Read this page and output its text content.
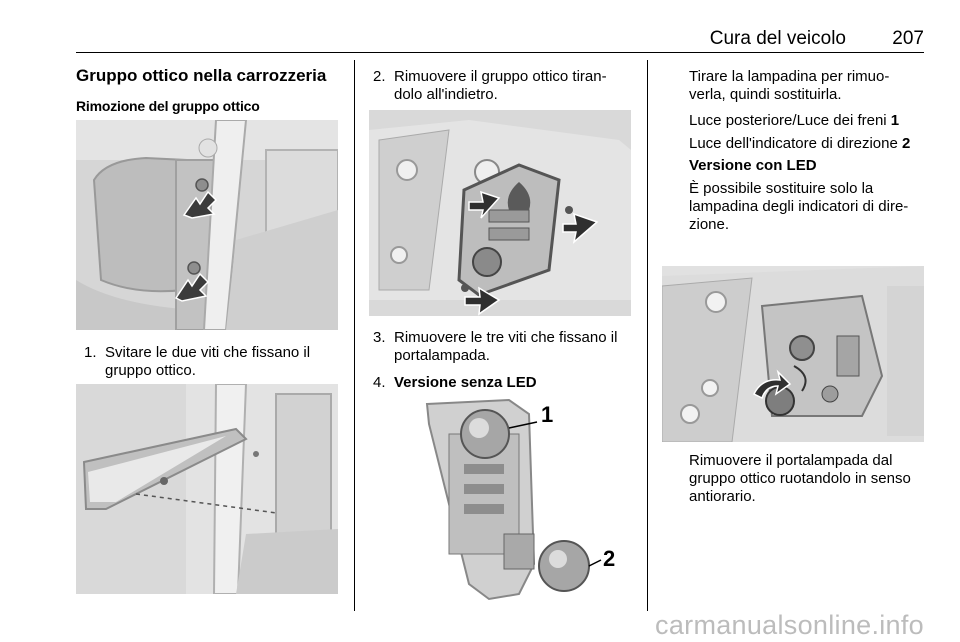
Cura del veicolo 207
Gruppo ottico nella carrozzeria
Rimozione del gruppo ottico
1. Svitare le due viti che fissano il
gruppo ottico.
2. Rimuovere il gruppo ottico tiran-
dolo all'indietro.
3. Rimuovere le tre viti che fissano il
portalampada.
4. Versione senza LED
1
2
Tirare la lampadina per rimuo-
verla, quindi sostituirla.
Luce posteriore/Luce dei freni 1
Luce dell'indicatore di direzione 2
Versione con LED
È possibile sostituire solo la
lampadina degli indicatori di dire-
zione.
Rimuovere il portalampada dal
gruppo ottico ruotandolo in senso
antiorario.
carmanualsonline.info
